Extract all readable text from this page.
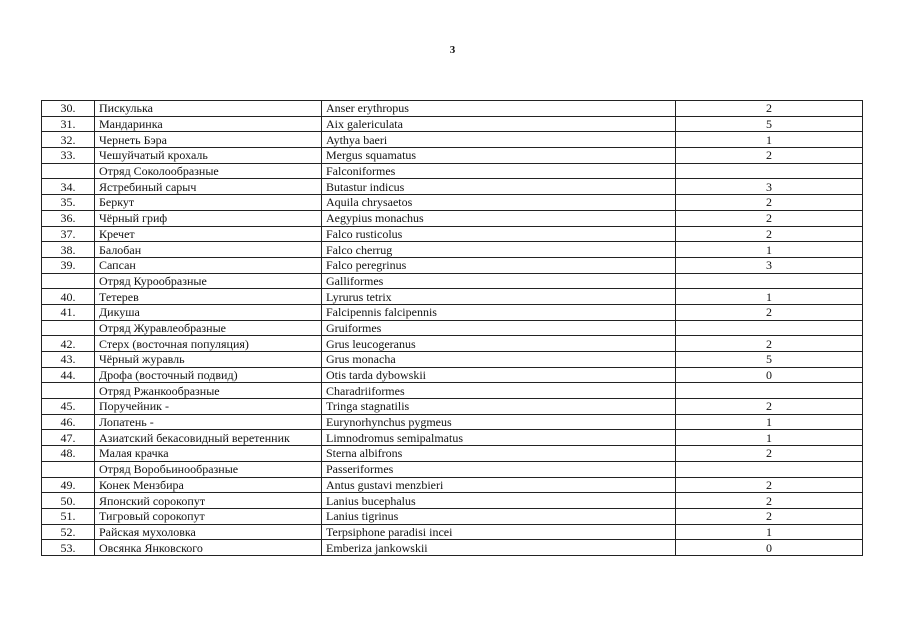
3
30.	Пискулька	Anser erythropus	2
31.	Мандаринка	Aix galericulata	5
32.	Чернеть Бэра	Aythya baeri	1
33.	Чешуйчатый крохаль	Mergus squamatus	2
	Отряд Соколообразные	Falconiformes	
34.	Ястребиный сарыч	Butastur indicus	3
35.	Беркут	Aquila chrysaetos	2
36.	Чёрный гриф	Aegypius monachus	2
37.	Кречет	Falco rusticolus	2
38.	Балобан	Falco cherrug	1
39.	Сапсан	Falco peregrinus	3
	Отряд Курообразные	Galliformes	
40.	Тетерев	Lyrurus tetrix	1
41.	Дикуша	Falcipennis falcipennis	2
	Отряд Журавлеобразные	Gruiformes	
42.	Стерх (восточная популяция)	Grus leucogeranus	2
43.	Чёрный журавль	Grus monacha	5
44.	Дрофа (восточный подвид)	Otis tarda dybowskii	0
	Отряд Ржанкообразные	Charadriiformes	
45.	Поручейник -	Tringa stagnatilis	2
46.	Лопатень -	Eurynorhynchus pygmeus	1
47.	Азиатский бекасовидный веретенник	Limnodromus semipalmatus	1
48.	Малая крачка	Sterna albifrons	2
	Отряд Воробьинообразные	Passeriformes	
49.	Конек Мензбира	Antus gustavi menzbieri	2
50.	Японский сорокопут	Lanius bucephalus	2
51.	Тигровый сорокопут	Lanius tigrinus	2
52.	Райская мухоловка	Terpsiphone paradisi incei	1
53.	Овсянка Янковского	Emberiza jankowskii	0
